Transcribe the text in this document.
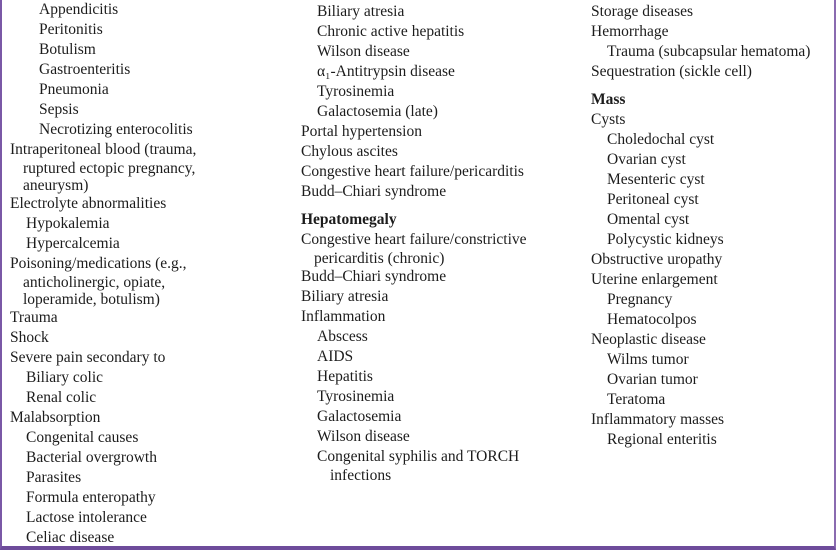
Appendicitis
Peritonitis
Botulism
Gastroenteritis
Pneumonia
Sepsis
Necrotizing enterocolitis
Intraperitoneal blood (trauma,
ruptured ectopic pregnancy,
aneurysm)
Electrolyte abnormalities
Hypokalemia
Hypercalcemia
Poisoning/medications (e.g.,
anticholinergic, opiate,
loperamide, botulism)
Trauma
Shock
Severe pain secondary to
Biliary colic
Renal colic
Malabsorption
Congenital causes
Bacterial overgrowth
Parasites
Formula enteropathy
Lactose intolerance
Celiac disease
Biliary atresia
Chronic active hepatitis
Wilson disease
α₁-Antitrypsin disease
Tyrosinemia
Galactosemia (late)
Portal hypertension
Chylous ascites
Congestive heart failure/pericarditis
Budd–Chiari syndrome
Hepatomegaly
Congestive heart failure/constrictive
pericarditis (chronic)
Budd–Chiari syndrome
Biliary atresia
Inflammation
Abscess
AIDS
Hepatitis
Tyrosinemia
Galactosemia
Wilson disease
Congenital syphilis and TORCH
infections
Storage diseases
Hemorrhage
Trauma (subcapsular hematoma)
Sequestration (sickle cell)
Mass
Cysts
Choledochal cyst
Ovarian cyst
Mesenteric cyst
Peritoneal cyst
Omental cyst
Polycystic kidneys
Obstructive uropathy
Uterine enlargement
Pregnancy
Hematocolpos
Neoplastic disease
Wilms tumor
Ovarian tumor
Teratoma
Inflammatory masses
Regional enteritis
